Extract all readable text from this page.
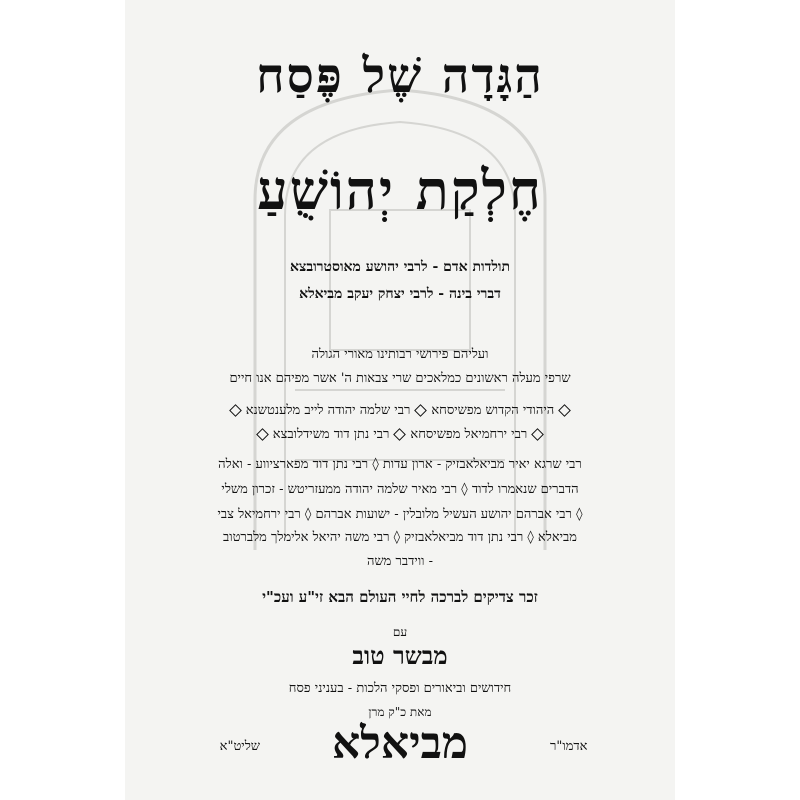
הַגָּדָה שֶׁל פֶּסַח
חֶלְקַת יְהוֹשֻׁעַ
תולדות אדם - לרבי יהושע מאוסטרובצא
דברי בינה - לרבי יצחק יעקב מביאלא
ועליהם פירושי רבותינו מאורי הגולה
שרפי מעלה ראשונים כמלאכים שרי צבאות ה' אשר מפיהם אנו חיים
היהודי הקדוש מפשיסחארבי שלמה יהודה לייב מלענטשנא
רבי ירחמיאל מפשיסחארבי נתן דוד משידלובצא
רבי שרגא יאיר מביאלאבזיק - ארון עדות ◊ רבי נתן דוד מפארציווע - ואלה
הדברים שנאמרו לדוד ◊ רבי מאיר שלמה יהודה ממעזריטש - זכרון משלי
◊ רבי אברהם יהושע העשיל מלובלין - ישועות אברהם ◊ רבי ירחמיאל צבי
מביאלא ◊ רבי נתן דוד מביאלאבזיק ◊ רבי משה יהיאל אלימלך מלברטוב
- ווידבר משה
זכר צדיקים לברכה לחיי העולם הבא זי"ע ועכ"י
עם
מבשר טוב
חידושים וביאורים ופסקי הלכות - בעניני פסח
מאת כ"ק מרן
שליט"א	מביאלא	אדמו"ר
